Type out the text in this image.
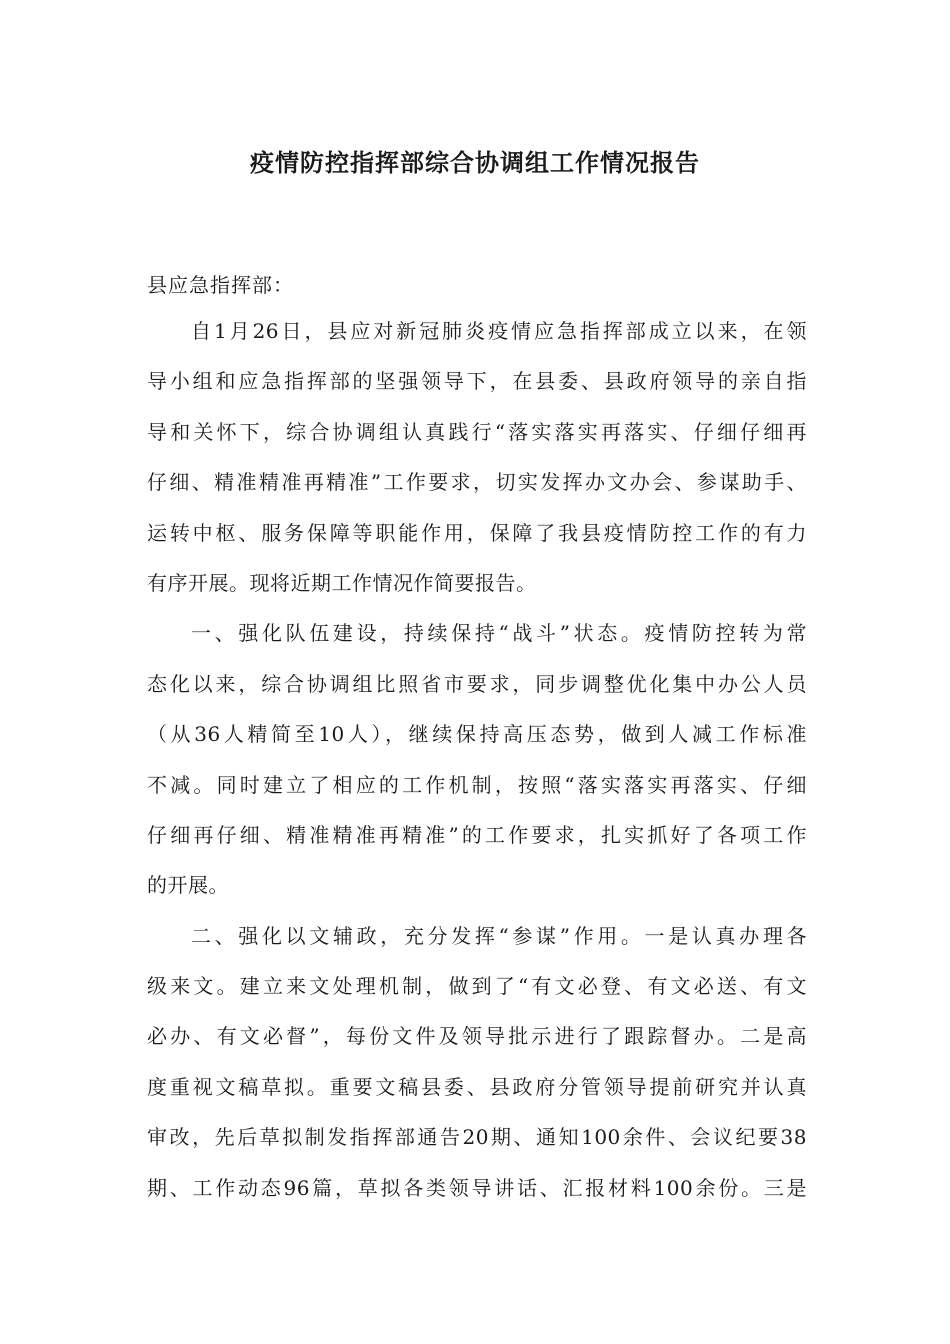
疫情防控指挥部综合协调组工作情况报告
县应急指挥部：
自1月26日，县应对新冠肺炎疫情应急指挥部成立以来，在领
导小组和应急指挥部的坚强领导下，在县委、县政府领导的亲自指
导和关怀下，综合协调组认真践行“落实落实再落实、仔细仔细再
仔细、精准精准再精准”工作要求，切实发挥办文办会、参谋助手、
运转中枢、服务保障等职能作用，保障了我县疫情防控工作的有力
有序开展。现将近期工作情况作简要报告。
一、强化队伍建设，持续保持“战斗”状态。疫情防控转为常
态化以来，综合协调组比照省市要求，同步调整优化集中办公人员
（从36人精简至10人），继续保持高压态势，做到人减工作标准
不减。同时建立了相应的工作机制，按照“落实落实再落实、仔细
仔细再仔细、精准精准再精准”的工作要求，扎实抓好了各项工作
的开展。
二、强化以文辅政，充分发挥“参谋”作用。一是认真办理各
级来文。建立来文处理机制，做到了“有文必登、有文必送、有文
必办、有文必督”，每份文件及领导批示进行了跟踪督办。二是高
度重视文稿草拟。重要文稿县委、县政府分管领导提前研究并认真
审改，先后草拟制发指挥部通告20期、通知100余件、会议纪要38
期、工作动态96篇，草拟各类领导讲话、汇报材料100余份。三是
